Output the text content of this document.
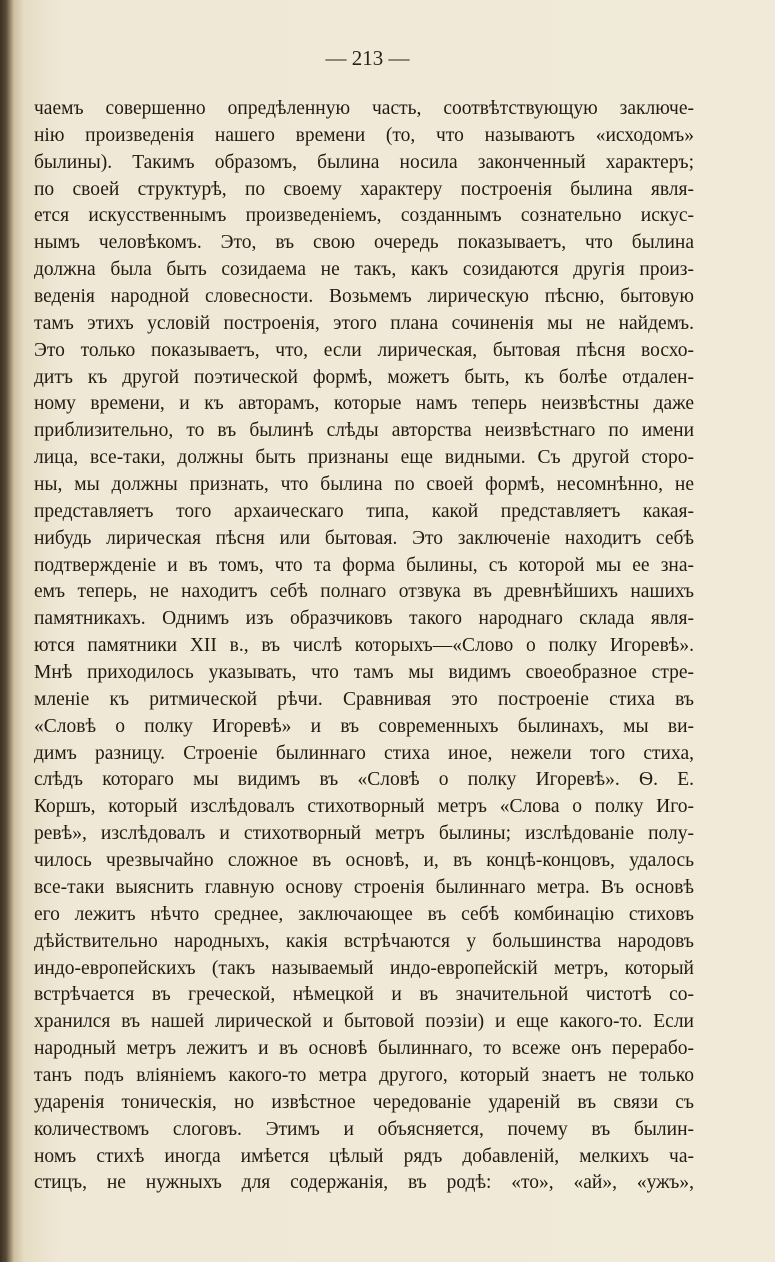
— 213 —
чаемъ совершенно опредѣленную часть, соотвѣтствующую заключе-
нію произведенія нашего времени (то, что называютъ «исходомъ»
былины). Такимъ образомъ, былина носила законченный характеръ;
по своей структурѣ, по своему характеру построенія былина явля-
ется искусственнымъ произведеніемъ, созданнымъ сознательно искус-
нымъ человѣкомъ. Это, въ свою очередь показываетъ, что былина
должна была быть созидаема не такъ, какъ созидаются другія произ-
веденія народной словесности. Возьмемъ лирическую пѣсню, бытовую
тамъ этихъ условій построенія, этого плана сочиненія мы не найдемъ.
Это только показываетъ, что, если лирическая, бытовая пѣсня восхо-
дитъ къ другой поэтической формѣ, можетъ быть, къ болѣе отдален-
ному времени, и къ авторамъ, которые намъ теперь неизвѣстны даже
приблизительно, то въ былинѣ слѣды авторства неизвѣстнаго по имени
лица, все-таки, должны быть признаны еще видными. Съ другой сторо-
ны, мы должны признать, что былина по своей формѣ, несомнѣнно, не
представляетъ того архаическаго типа, какой представляетъ какая-
нибудь лирическая пѣсня или бытовая. Это заключеніе находитъ себѣ
подтвержденіе и въ томъ, что та форма былины, съ которой мы ее зна-
емъ теперь, не находитъ себѣ полнаго отзвука въ древнѣйшихъ нашихъ
памятникахъ. Однимъ изъ образчиковъ такого народнаго склада явля-
ются памятники XII в., въ числѣ которыхъ—«Слово о полку Игоревѣ».
Мнѣ приходилось указывать, что тамъ мы видимъ своеобразное стре-
мленіе къ ритмической рѣчи. Сравнивая это построеніе стиха въ
«Словѣ о полку Игоревѣ» и въ современныхъ былинахъ, мы ви-
димъ разницу. Строеніе былиннаго стиха иное, нежели того стиха,
слѣдъ котораго мы видимъ въ «Словѣ о полку Игоревѣ». Ѳ. Е.
Коршъ, который изслѣдовалъ стихотворный метръ «Слова о полку Иго-
ревѣ», изслѣдовалъ и стихотворный метръ былины; изслѣдованіе полу-
чилось чрезвычайно сложное въ основѣ, и, въ концѣ-концовъ, удалось
все-таки выяснить главную основу строенія былиннаго метра. Въ основѣ
его лежитъ нѣчто среднее, заключающее въ себѣ комбинацію стиховъ
дѣйствительно народныхъ, какія встрѣчаются у большинства народовъ
индо-европейскихъ (такъ называемый индо-европейскій метръ, который
встрѣчается въ греческой, нѣмецкой и въ значительной чистотѣ со-
хранился въ нашей лирической и бытовой поэзіи) и еще какого-то. Если
народный метръ лежитъ и въ основѣ былиннаго, то всеже онъ перерабо-
танъ подъ вліяніемъ какого-то метра другого, который знаетъ не только
ударенія тоническія, но извѣстное чередованіе удареній въ связи съ
количествомъ слоговъ. Этимъ и объясняется, почему въ былин-
номъ стихѣ иногда имѣется цѣлый рядъ добавленій, мелкихъ ча-
стицъ, не нужныхъ для содержанія, въ родѣ: «то», «ай», «ужъ»,
